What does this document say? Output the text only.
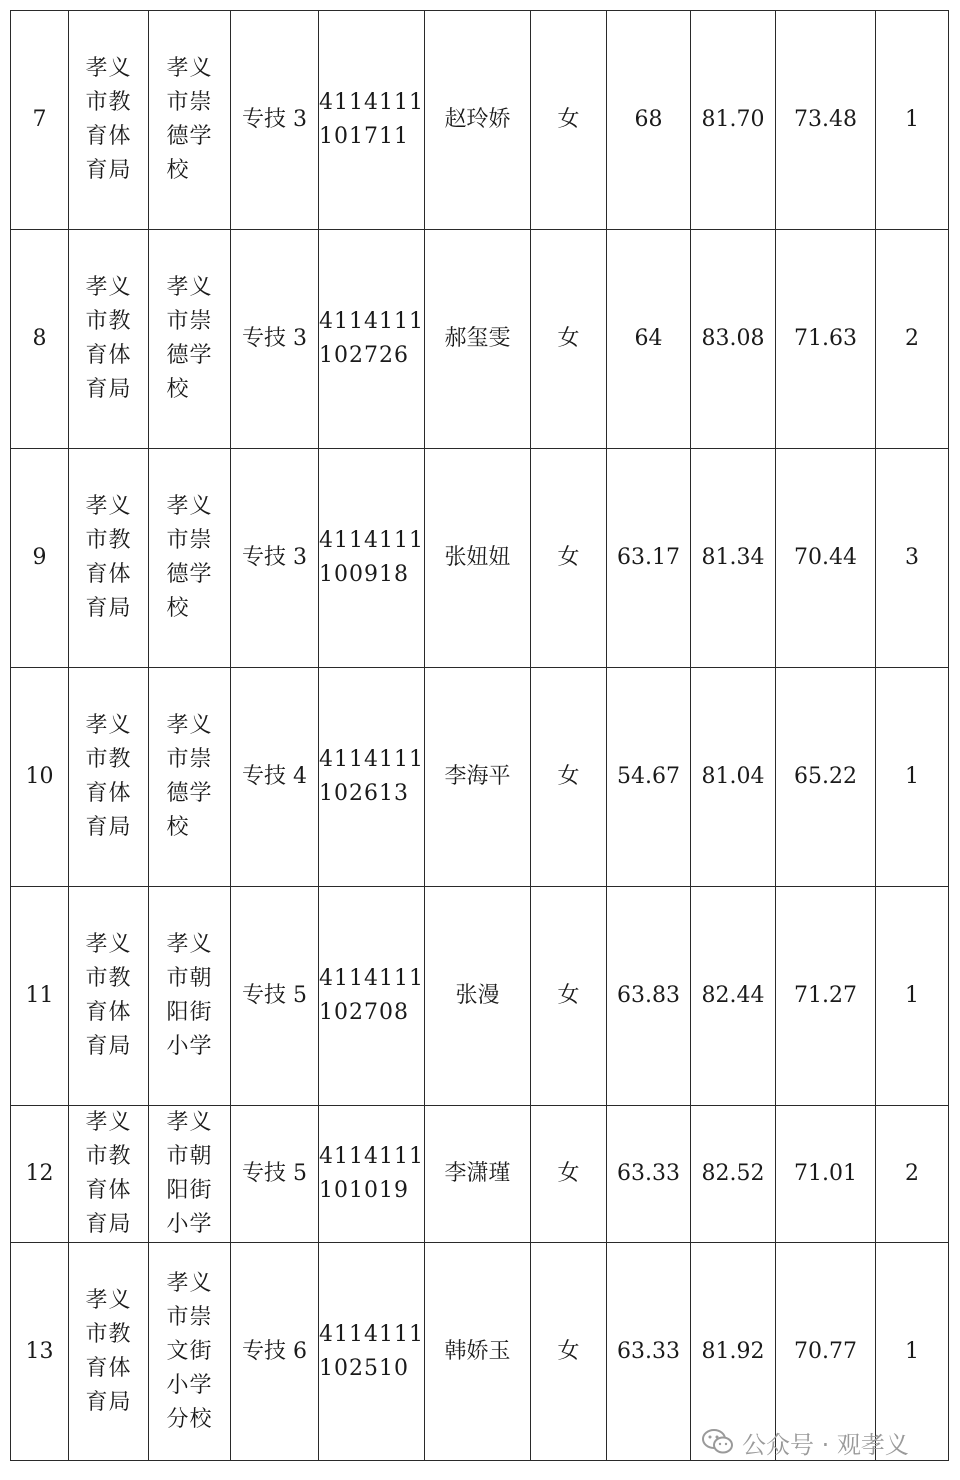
7	孝义
市教
育体
育局	孝义
市崇
德学
校	专技 3	4114111
101711	赵玲娇	女	68	81.70	73.48	1
8	孝义
市教
育体
育局	孝义
市崇
德学
校	专技 3	4114111
102726	郝玺雯	女	64	83.08	71.63	2
9	孝义
市教
育体
育局	孝义
市崇
德学
校	专技 3	4114111
100918	张妞妞	女	63.17	81.34	70.44	3
10	孝义
市教
育体
育局	孝义
市崇
德学
校	专技 4	4114111
102613	李海平	女	54.67	81.04	65.22	1
11	孝义
市教
育体
育局	孝义
市朝
阳街
小学	专技 5	4114111
102708	张漫	女	63.83	82.44	71.27	1
12	孝义
市教
育体
育局	孝义
市朝
阳街
小学	专技 5	4114111
101019	李潇瑾	女	63.33	82.52	71.01	2
13	孝义
市教
育体
育局	孝义
市崇
文街
小学
分校	专技 6	4114111
102510	韩娇玉	女	63.33	81.92	70.77	1
公众号 · 观孝义
